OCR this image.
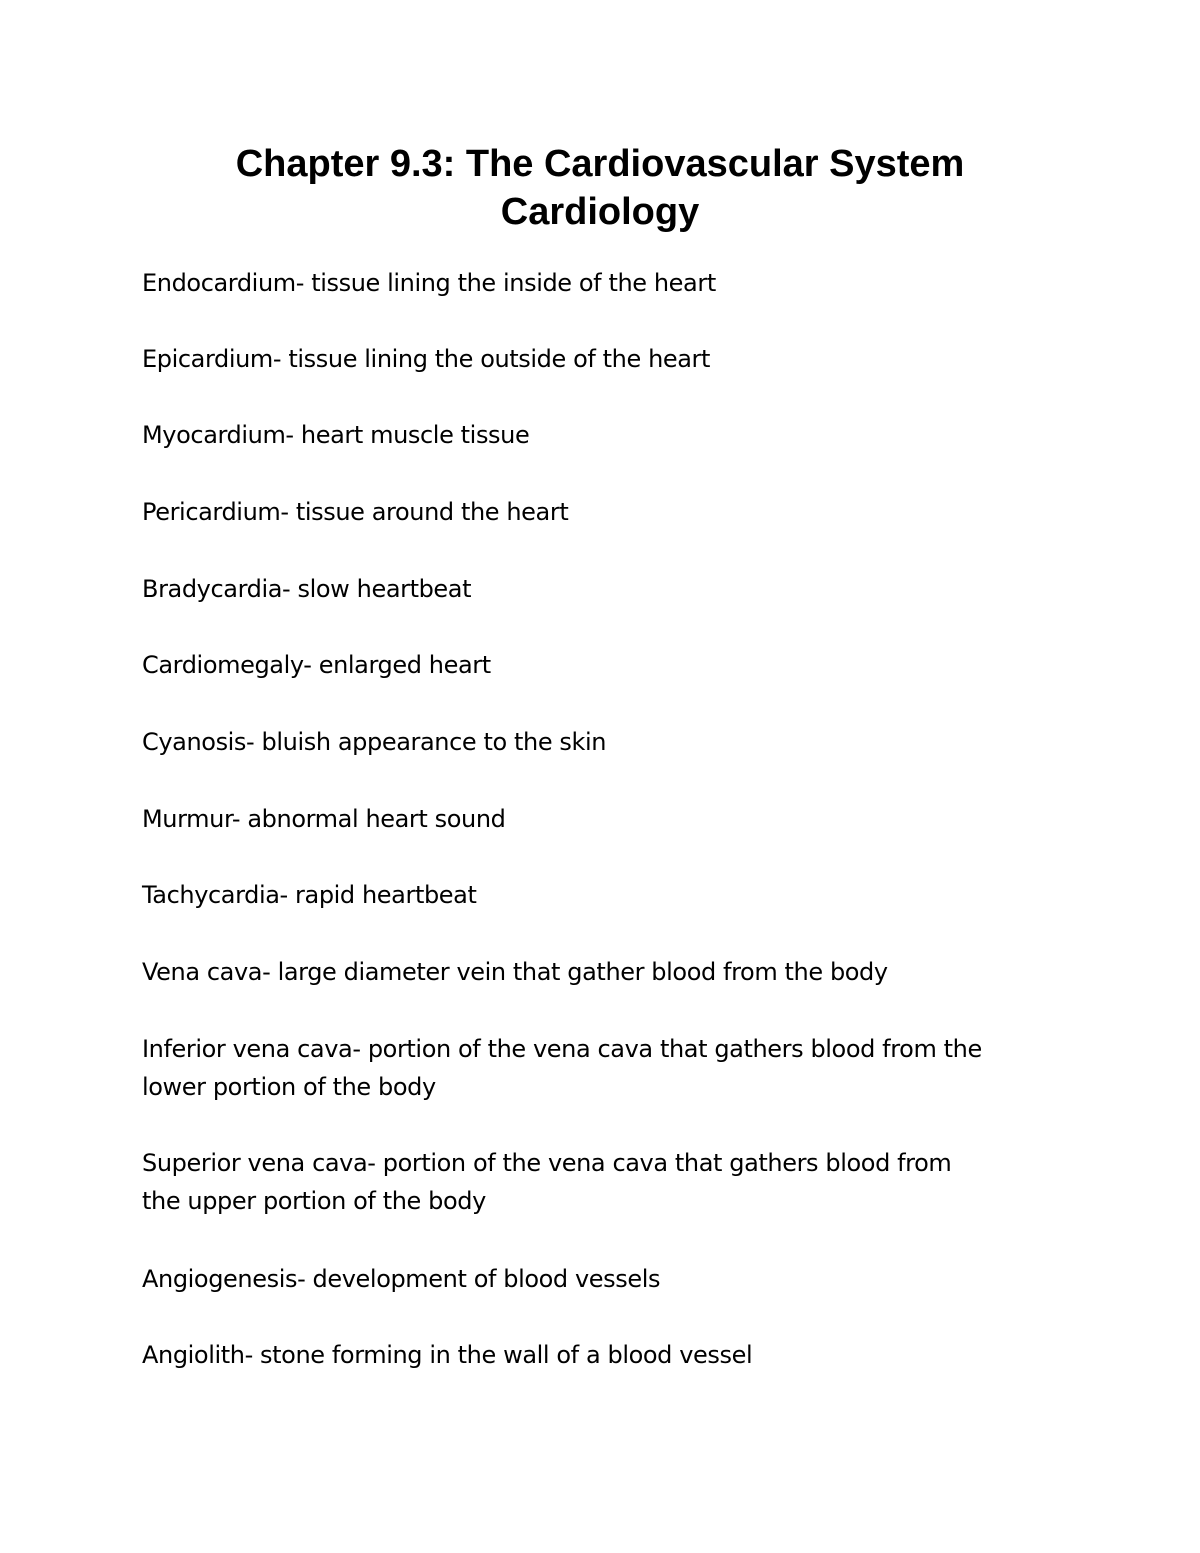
Chapter 9.3: The Cardiovascular System
Cardiology

Endocardium- tissue lining the inside of the heart

Epicardium- tissue lining the outside of the heart

Myocardium- heart muscle tissue

Pericardium- tissue around the heart

Bradycardia- slow heartbeat

Cardiomegaly- enlarged heart

Cyanosis- bluish appearance to the skin

Murmur- abnormal heart sound

Tachycardia- rapid heartbeat

Vena cava- large diameter vein that gather blood from the body

Inferior vena cava- portion of the vena cava that gathers blood from the

lower portion of the body

Superior vena cava- portion of the vena cava that gathers blood from

the upper portion of the body

Angiogenesis- development of blood vessels

Angiolith- stone forming in the wall of a blood vessel
